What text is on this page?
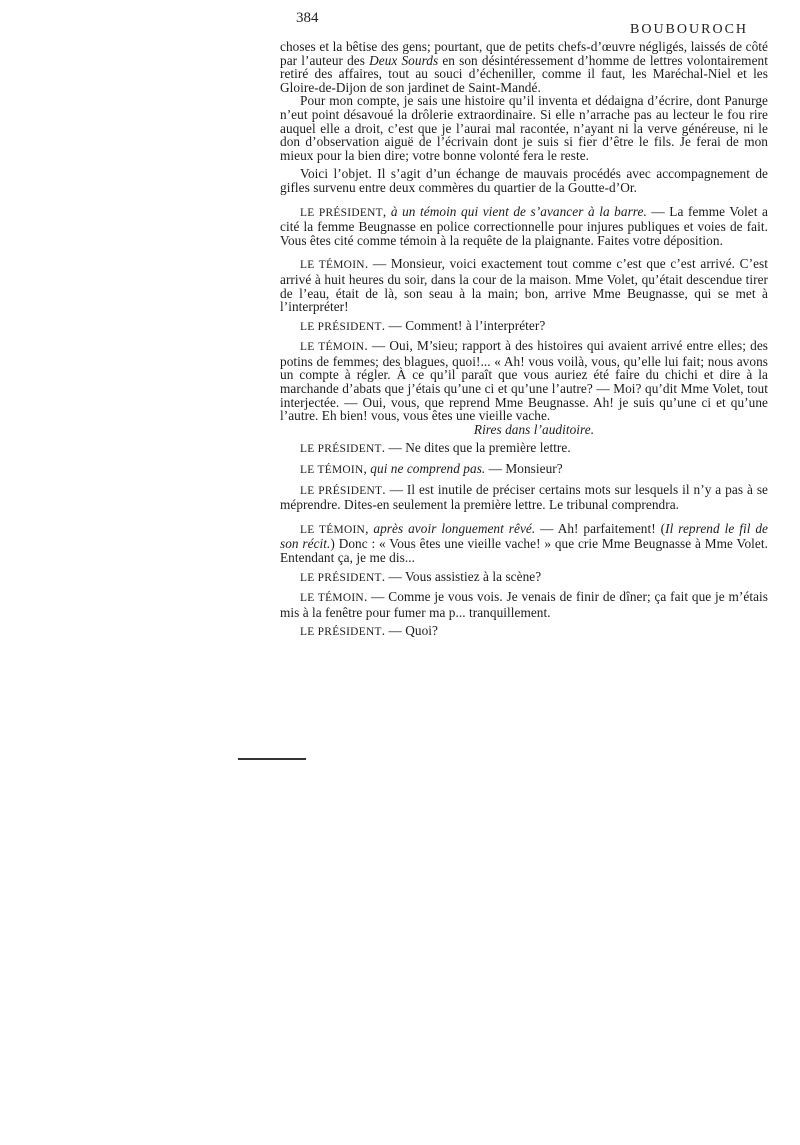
384
BOUBOUROCH

choses et la bêtise des gens; pourtant, que de petits chefs-d’œuvre négligés, laissés de côté par l’auteur des Deux Sourds en son désintéressement d’homme de lettres volontairement retiré des affaires, tout au souci d’écheniller, comme il faut, les Maréchal-Niel et les Gloire-de-Dijon de son jardinet de Saint-Mandé.

Pour mon compte, je sais une histoire qu’il inventa et dédaigna d’écrire, dont Panurge n’eut point désavoué la drôlerie extraordinaire. Si elle n’arrache pas au lecteur le fou rire auquel elle a droit, c’est que je l’aurai mal racontée, n’ayant ni la verve généreuse, ni le don d’observation aiguë de l’écrivain dont je suis si fier d’être le fils. Je ferai de mon mieux pour la bien dire; votre bonne volonté fera le reste.

Voici l’objet. Il s’agit d’un échange de mauvais procédés avec accompagnement de gifles survenu entre deux commères du quartier de la Goutte-d’Or.

LE PRÉSIDENT, à un témoin qui vient de s’avancer à la barre. — La femme Volet a cité la femme Beugnasse en police correctionnelle pour injures publiques et voies de fait. Vous êtes cité comme témoin à la requête de la plaignante. Faites votre déposition.

LE TÉMOIN. — Monsieur, voici exactement tout comme c’est que c’est arrivé. C’est arrivé à huit heures du soir, dans la cour de la maison. Mme Volet, qu’était descendue tirer de l’eau, était de là, son seau à la main; bon, arrive Mme Beugnasse, qui se met à l’interpréter!

LE PRÉSIDENT. — Comment! à l’interpréter?

LE TÉMOIN. — Oui, M’sieu; rapport à des histoires qui avaient arrivé entre elles; des potins de femmes; des blagues, quoi!... « Ah! vous voilà, vous, qu’elle lui fait; nous avons un compte à régler. À ce qu’il paraît que vous auriez été faire du chichi et dire à la marchande d’abats que j’étais qu’une ci et qu’une l’autre? — Moi? qu’dit Mme Volet, tout interjectée. — Oui, vous, que reprend Mme Beugnasse. Ah! je suis qu’une ci et qu’une l’autre. Eh bien! vous, vous êtes une vieille vache.

Rires dans l’auditoire.

LE PRÉSIDENT. — Ne dites que la première lettre.

LE TÉMOIN, qui ne comprend pas. — Monsieur?

LE PRÉSIDENT. — Il est inutile de préciser certains mots sur lesquels il n’y a pas à se méprendre. Dites-en seulement la première lettre. Le tribunal comprendra.

LE TÉMOIN, après avoir longuement rêvé. — Ah! parfaitement! (Il reprend le fil de son récit.) Donc : « Vous êtes une vieille vache! » que crie Mme Beugnasse à Mme Volet. Entendant ça, je me dis...

LE PRÉSIDENT. — Vous assistiez à la scène?

LE TÉMOIN. — Comme je vous vois. Je venais de finir de dîner; ça fait que je m’étais mis à la fenêtre pour fumer ma p... tranquillement.

LE PRÉSIDENT. — Quoi?
